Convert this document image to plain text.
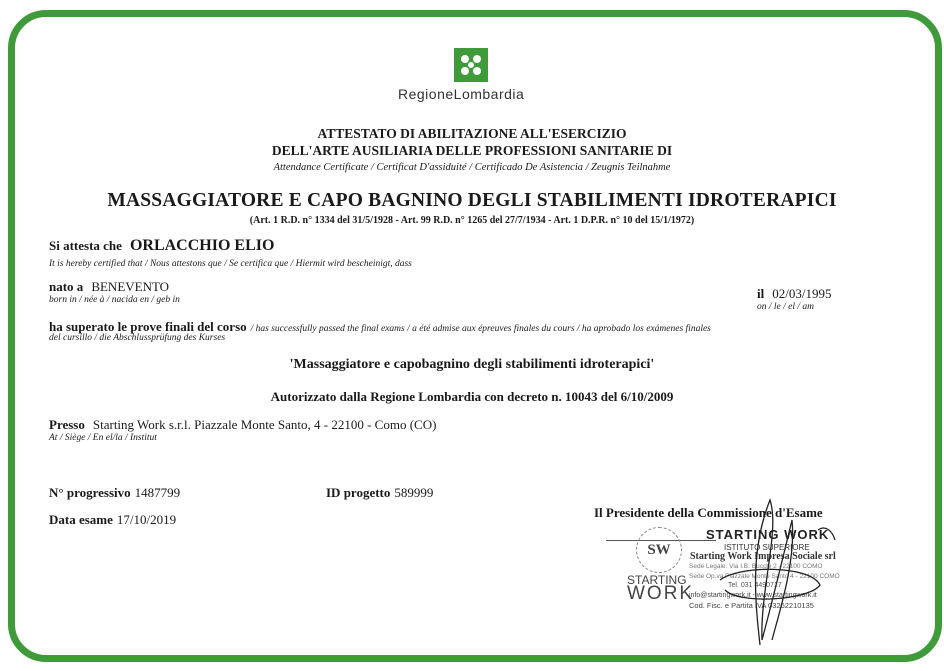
RegioneLombardia
ATTESTATO DI ABILITAZIONE ALL'ESERCIZIO
DELL'ARTE AUSILIARIA DELLE PROFESSIONI SANITARIE DI
Attendance Certificate / Certificat D'assiduité / Certificado De Asistencia / Zeugnis Teilnahme
MASSAGGIATORE E CAPO BAGNINO DEGLI STABILIMENTI IDROTERAPICI
(Art. 1 R.D. n° 1334 del 31/5/1928 - Art. 99 R.D. n° 1265 del 27/7/1934 - Art. 1 D.P.R. n° 10 del 15/1/1972)
Si attesta che ORLACCHIO ELIO
It is hereby certified that / Nous attestons que / Se certifica que / Hiermit wird bescheinigt, dass
nato a BENEVENTO
born in / née à / nacida en / geb in	il 02/03/1995
on / le / el / am
ha superato le prove finali del corso / has successfully passed the final exams / a été admise aux épreuves finales du cours / ha aprobado los exámenes finales
del cursillo / die Abschlussprüfung des Kurses
'Massaggiatore e capobagnino degli stabilimenti idroterapici'
Autorizzato dalla Regione Lombardia con decreto n. 10043 del 6/10/2009
Presso Starting Work s.r.l. Piazzale Monte Santo, 4 - 22100 - Como (CO)
At / Siège / En el/la / Institut
N° progressivo 1487799	ID progetto 589999
Data esame 17/10/2019	Il Presidente della Commissione d'Esame
SW
STARTING
WORK
STARTING WORK
ISTITUTO SUPERIORE
Starting Work Impresa Sociale srl
Sede Legale: Via I.B. Bucchi 2 - 22100 COMO
Sede Op.va Piazzale Monte Santo 4 - 22100 COMO
Tel. 031 4490717
info@startingwork.it - www.startingwork.it
Cod. Fisc. e Partita IVA 03262210135
